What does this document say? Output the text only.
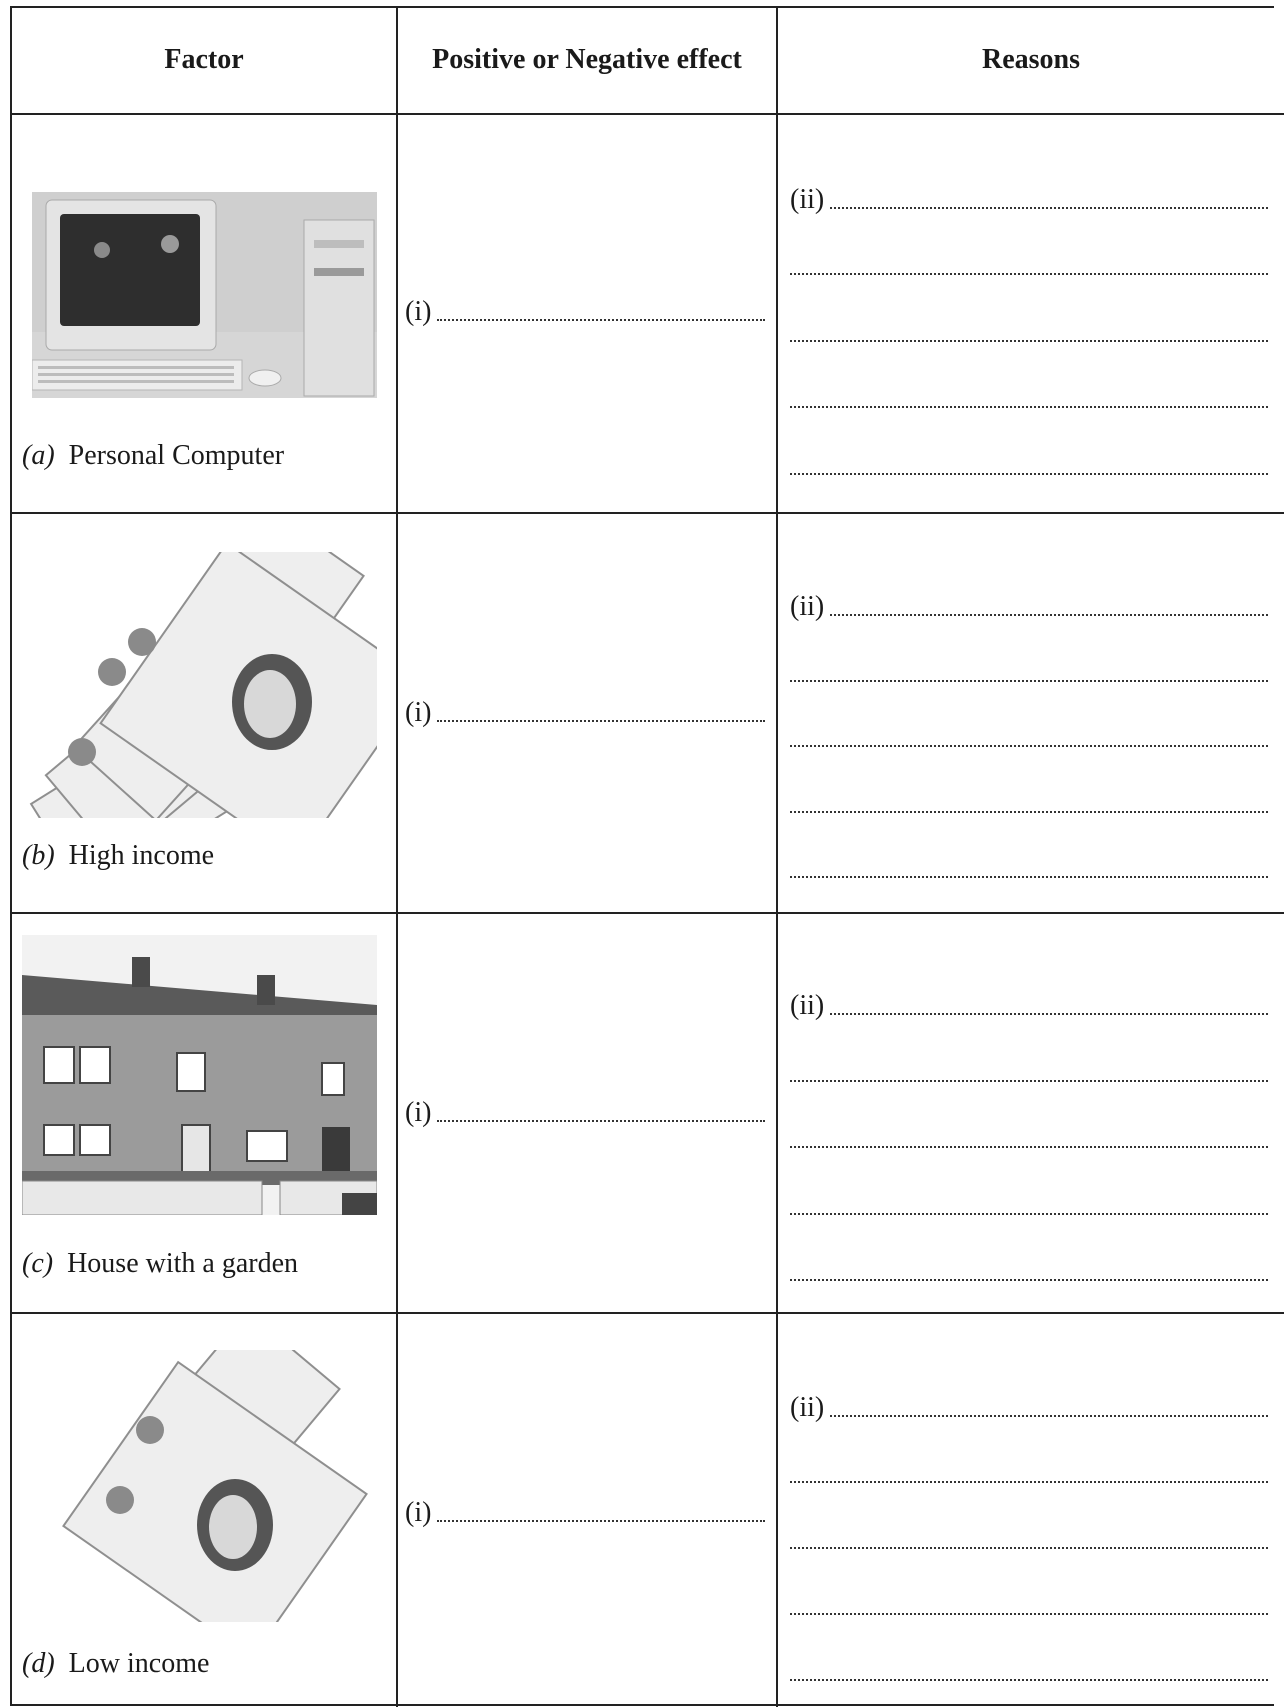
Factor	Positive or Negative effect	Reasons
(a) Personal Computer
(i)
(ii)
(b) High income
(i)
(ii)
(c) House with a garden
(i)
(ii)
(d) Low income
(i)
(ii)
